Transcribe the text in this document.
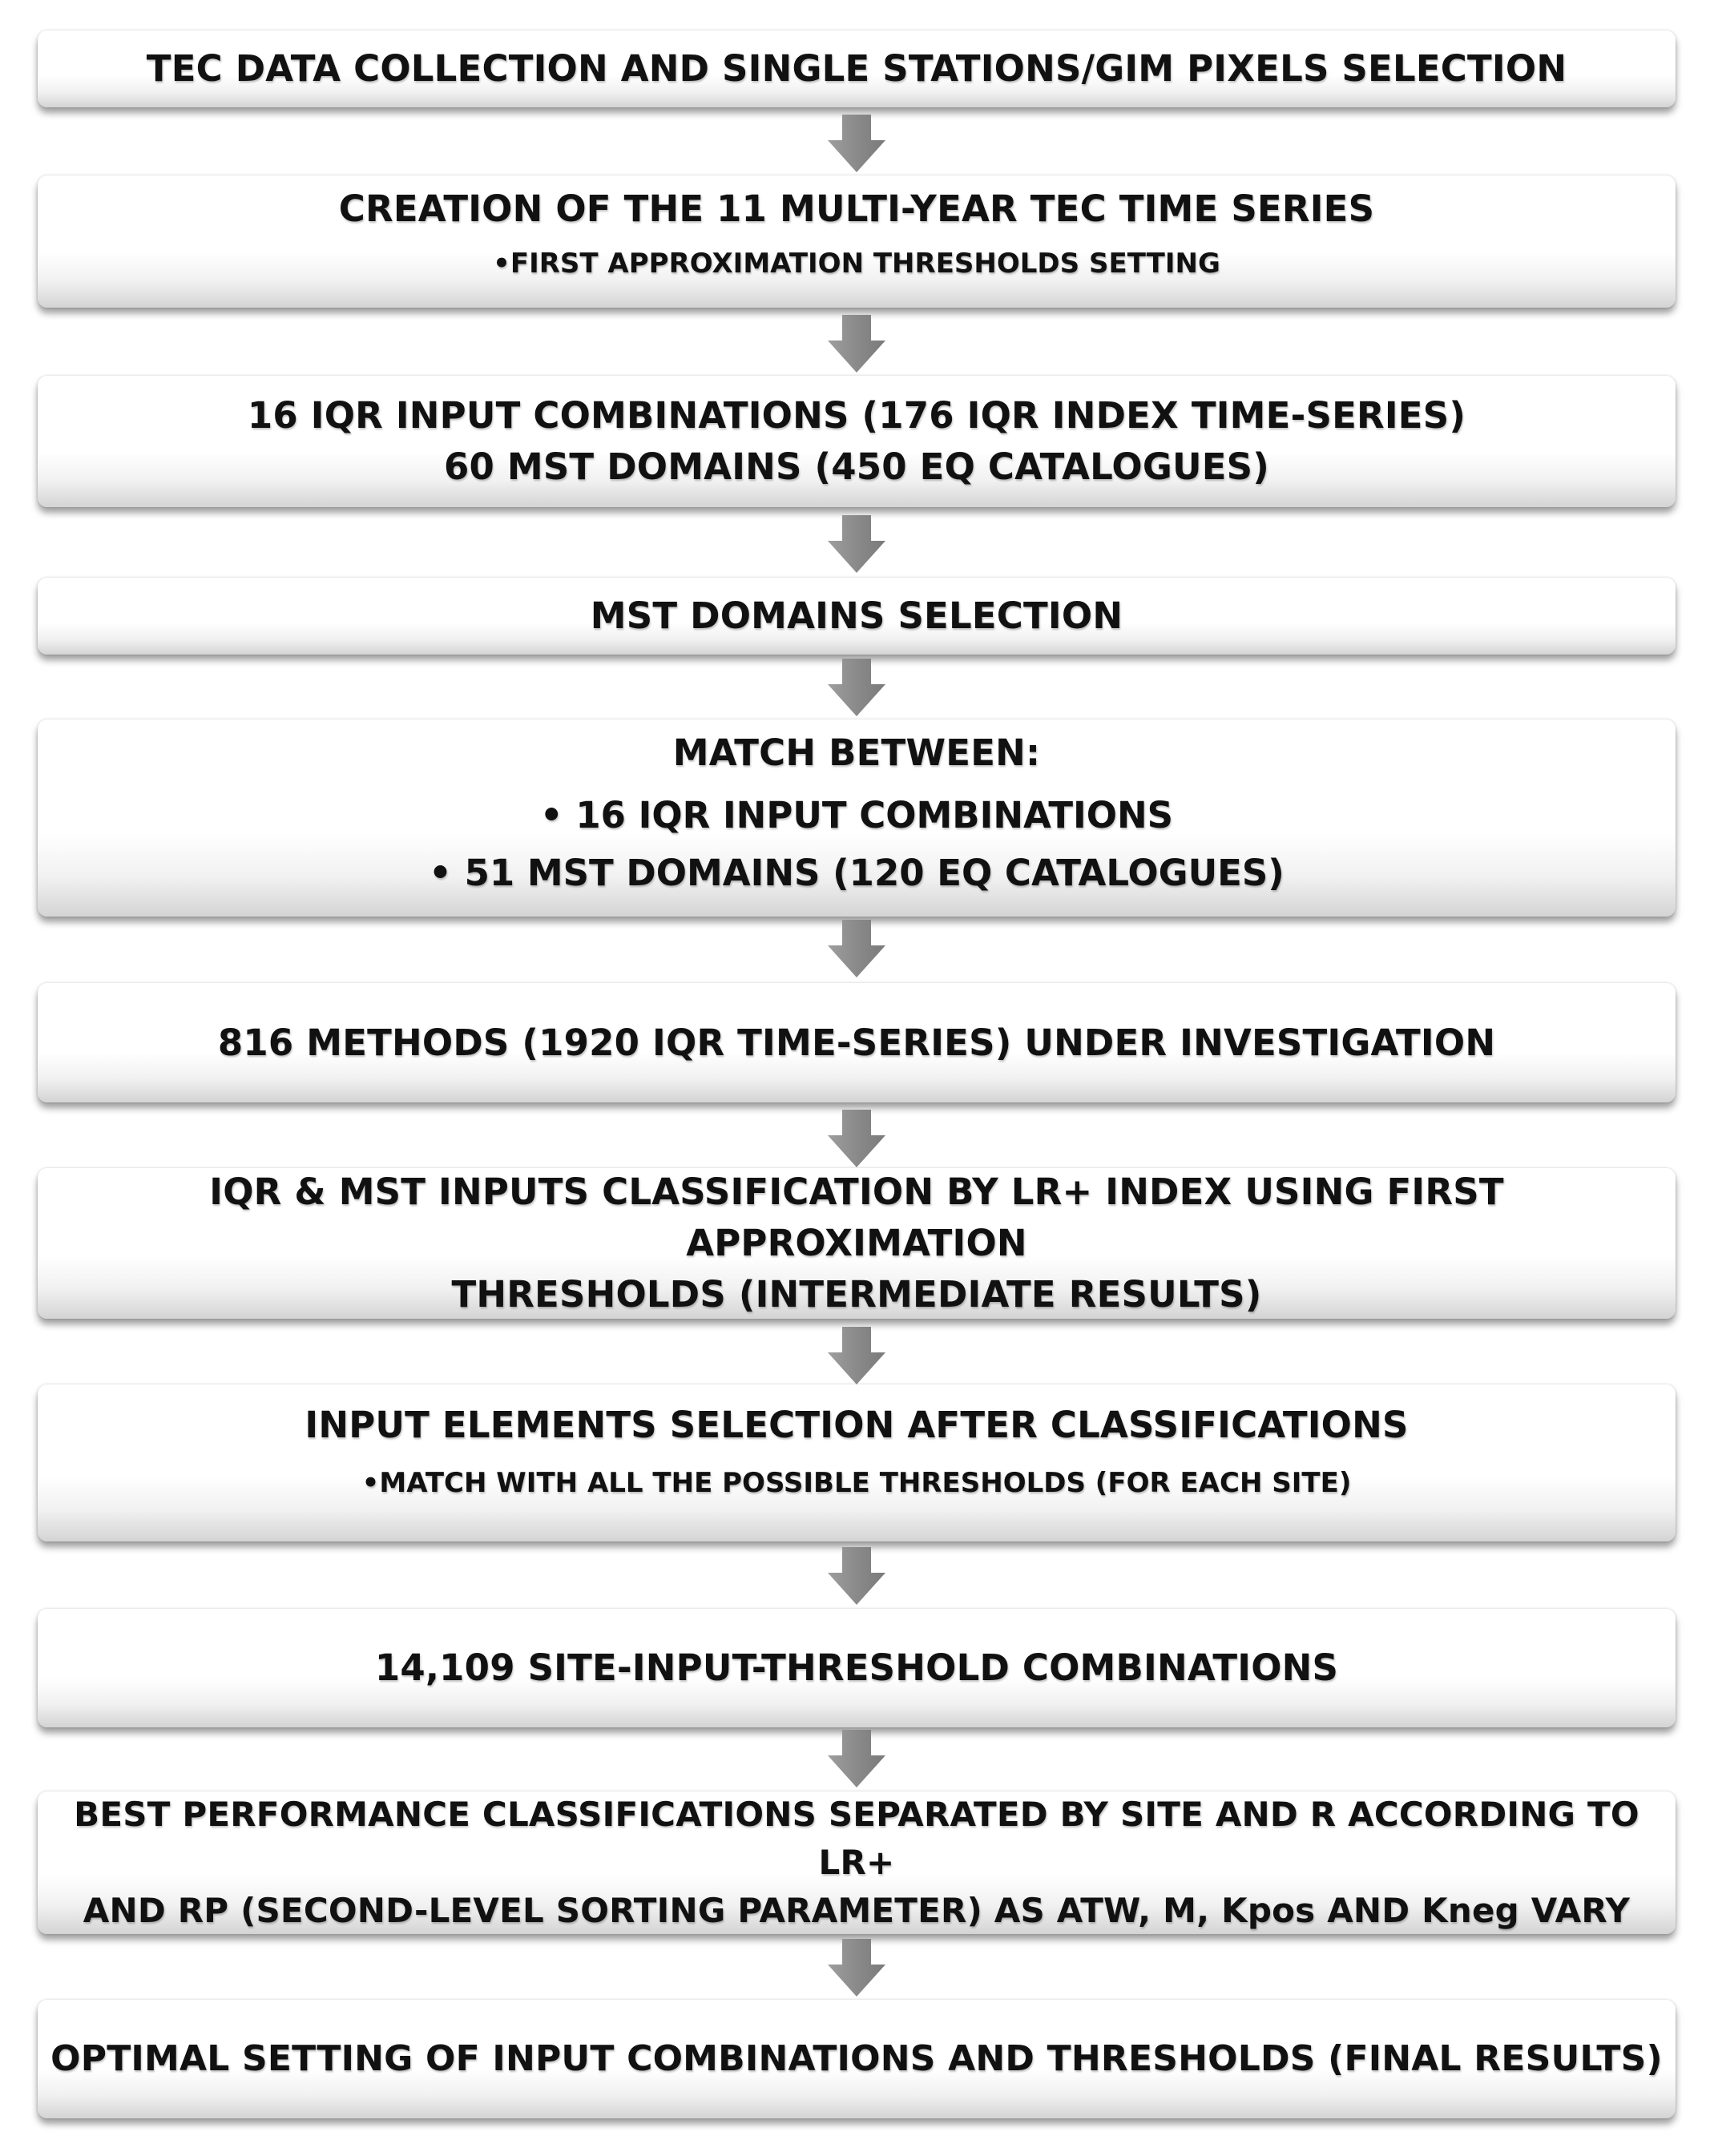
TEC DATA COLLECTION AND SINGLE STATIONS/GIM PIXELS SELECTION
CREATION OF THE 11 MULTI-YEAR TEC TIME SERIES
•FIRST APPROXIMATION THRESHOLDS SETTING
16 IQR INPUT COMBINATIONS (176 IQR INDEX TIME-SERIES)
60 MST DOMAINS (450 EQ CATALOGUES)
MST DOMAINS SELECTION
MATCH BETWEEN:
• 16 IQR INPUT COMBINATIONS
• 51 MST DOMAINS (120 EQ CATALOGUES)
816 METHODS (1920 IQR TIME-SERIES) UNDER INVESTIGATION
IQR & MST INPUTS CLASSIFICATION BY LR+ INDEX USING FIRST APPROXIMATION
THRESHOLDS (INTERMEDIATE RESULTS)
INPUT ELEMENTS SELECTION AFTER CLASSIFICATIONS
•MATCH WITH ALL THE POSSIBLE THRESHOLDS (FOR EACH SITE)
14,109 SITE-INPUT-THRESHOLD COMBINATIONS
BEST PERFORMANCE CLASSIFICATIONS SEPARATED BY SITE AND R ACCORDING TO LR+
AND RP (SECOND-LEVEL SORTING PARAMETER) AS ATW, M, Kpos AND Kneg VARY
OPTIMAL SETTING OF INPUT COMBINATIONS AND THRESHOLDS (FINAL RESULTS)
